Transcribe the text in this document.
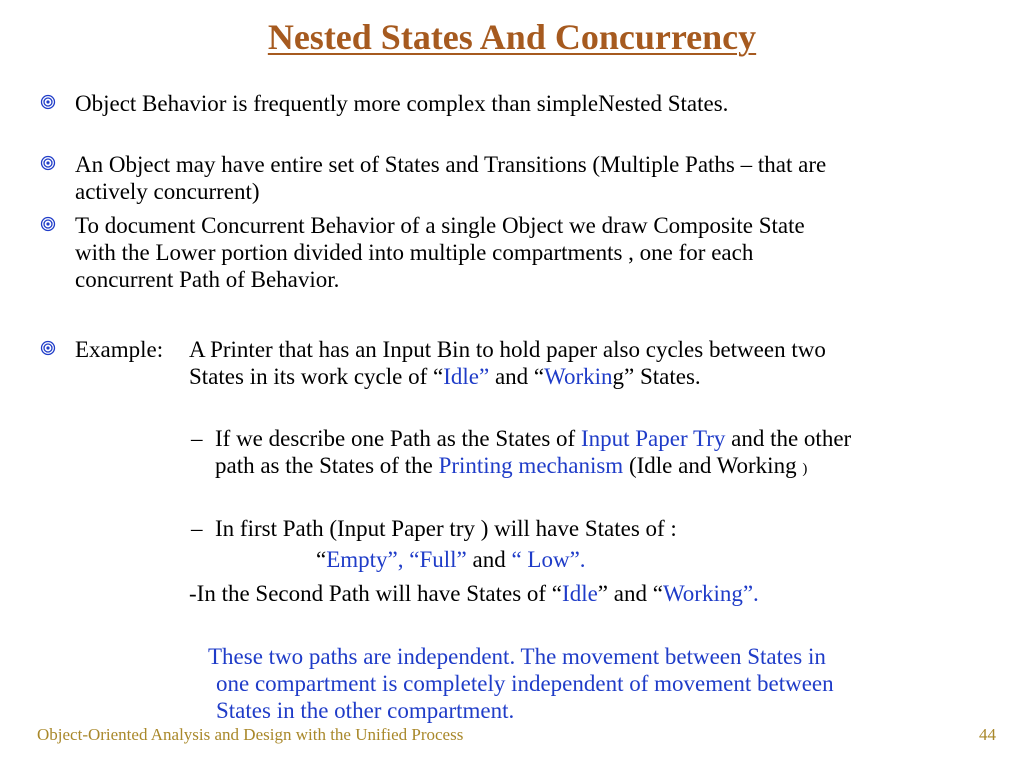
Nested States And Concurrency
Object Behavior is frequently more complex than simpleNested States.
An Object may have entire set of States and Transitions (Multiple Paths – that are
actively concurrent)
To document Concurrent Behavior of a single Object we draw Composite State
with the Lower portion divided into multiple compartments , one for each
concurrent Path of Behavior.
Example: A Printer that has an Input Bin to hold paper also cycles between two
States in its work cycle of “Idle” and “Working” States.
– If we describe one Path as the States of Input Paper Try and the other
path as the States of the Printing mechanism (Idle and Working )
– In first Path (Input Paper try ) will have States of :
“Empty”, “Full” and “ Low”.
-In the Second Path will have States of “Idle” and “Working”.
These two paths are independent. The movement between States in
one compartment is completely independent of movement between
States in the other compartment.
Object-Oriented Analysis and Design with the Unified Process	44
